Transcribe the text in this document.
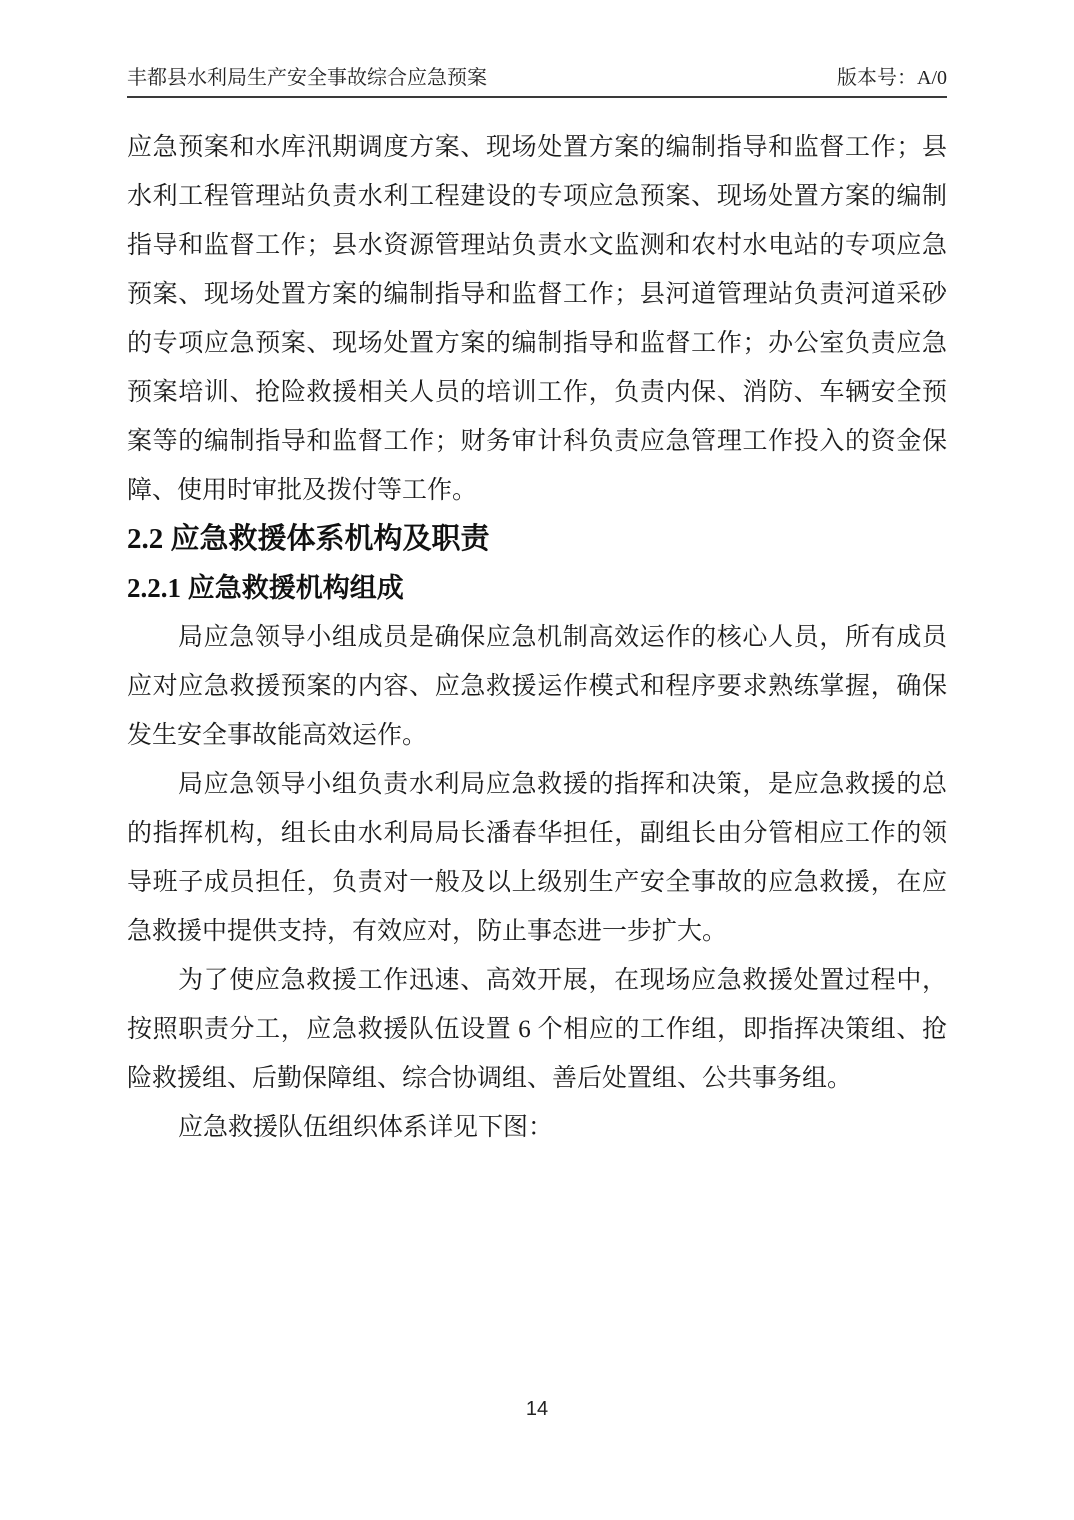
丰都县水利局生产安全事故综合应急预案	版本号：A/0
应急预案和水库汛期调度方案、现场处置方案的编制指导和监督工作；县
水利工程管理站负责水利工程建设的专项应急预案、现场处置方案的编制
指导和监督工作；县水资源管理站负责水文监测和农村水电站的专项应急
预案、现场处置方案的编制指导和监督工作；县河道管理站负责河道采砂
的专项应急预案、现场处置方案的编制指导和监督工作；办公室负责应急
预案培训、抢险救援相关人员的培训工作，负责内保、消防、车辆安全预
案等的编制指导和监督工作；财务审计科负责应急管理工作投入的资金保
障、使用时审批及拨付等工作。
2.2 应急救援体系机构及职责
2.2.1 应急救援机构组成
局应急领导小组成员是确保应急机制高效运作的核心人员，所有成员
应对应急救援预案的内容、应急救援运作模式和程序要求熟练掌握，确保
发生安全事故能高效运作。
局应急领导小组负责水利局应急救援的指挥和决策，是应急救援的总
的指挥机构，组长由水利局局长潘春华担任，副组长由分管相应工作的领
导班子成员担任，负责对一般及以上级别生产安全事故的应急救援，在应
急救援中提供支持，有效应对，防止事态进一步扩大。
为了使应急救援工作迅速、高效开展，在现场应急救援处置过程中，
按照职责分工，应急救援队伍设置 6 个相应的工作组，即指挥决策组、抢
险救援组、后勤保障组、综合协调组、善后处置组、公共事务组。
应急救援队伍组织体系详见下图：
14
